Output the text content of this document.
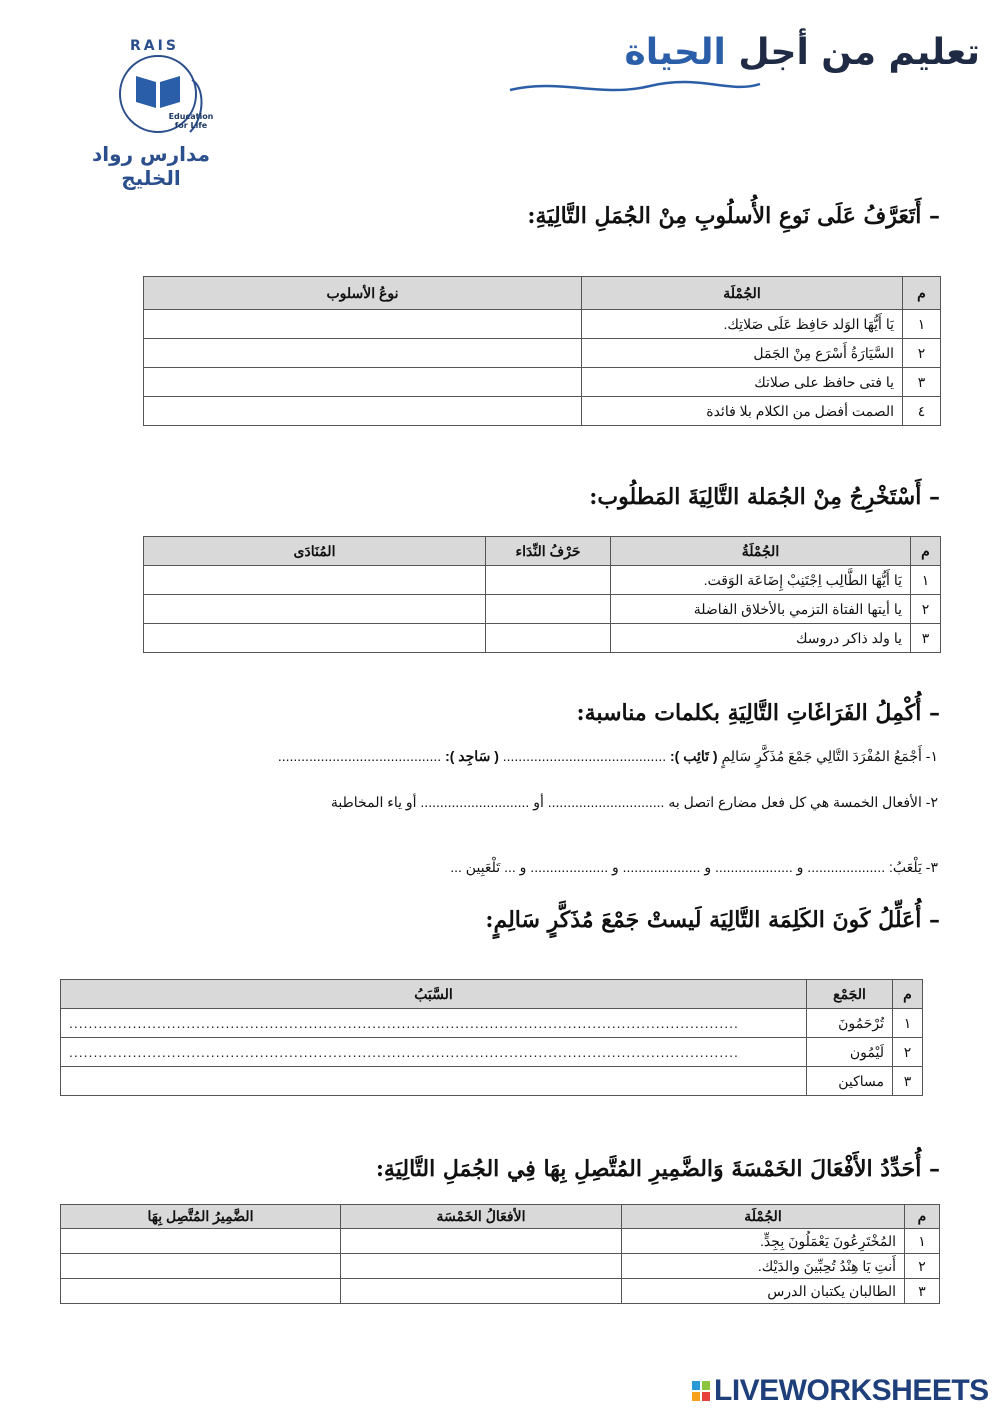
تعليم من أجل الحياة
RAIS
Education
for Life
مدارس رواد الخليج
– أَتَعَرَّفُ عَلَى نَوعِ الأُسلُوبِ مِنْ الجُمَلِ التَّالِيَةِ:
م	الجُمْلَة	نوعُ الأسلوب
١	يَا أَيُّهَا الوَلد حَافِظ عَلَى صَلاتِك.	
٢	السَّيَارَةُ أَسْرَع مِنْ الجَمَل	
٣	يا فتى حافظ على صلاتك	
٤	الصمت أفضل من الكلام بلا فائدة	
– أَسْتَخْرِجُ مِنْ الجُمَلة التَّالِيَةَ المَطلُوب:
م	الجُمْلَةُ	حَرْفُ النِّدَاء	المُنَادَى
١	يَا أَيُّهَا الطَّالِب اِجْتَنِبْ إِضَاعَة الوَقت.		
٢	يا أيتها الفتاة التزمي بالأخلاق الفاضلة		
٣	يا ولد ذاكر دروسك		
– أُكْمِلُ الفَرَاغَاتِ التَّالِيَةِ بكلمات مناسبة:
١- أَجْمَعُ المُفْرَدَ التَّالِي جَمْعَ مُذَكَّرٍ سَالِمٍ ( تَائِب ): .......................................... ( سَاجِد ): ..........................................
٢- الأفعال الخمسة هي كل فعل مضارع اتصل به .............................. أو ............................ أو ياء المخاطبة
٣- يَلْعَبُ: .................... و .................... و .................... و .................... و ... تَلْعَبِين ...
– أُعَلِّلُ كَونَ الكَلِمَة التَّالِيَة لَيستْ جَمْعَ مُذَكَّرٍ سَالِمٍ:
م	الجَمْع	السَّبَبُ
١	تُرْحَمُونَ	.........................................................................................................................................
٢	لَيْمُون	.........................................................................................................................................
٣	مساكين	
– أُحَدِّدُ الأَفْعَالَ الخَمْسَةَ وَالضَّمِيرِ المُتَّصِلِ بِهَا فِي الجُمَلِ التَّالِيَةِ:
م	الجُمْلَة	الأفعَالُ الخَمْسَة	الضَّمِيرُ المُتَّصِل بِهَا
١	المُخْتَرِعُونَ يَعْمَلُونَ بِجِدٍّ.		
٢	أَنتِ يَا هِنْدُ تُحِبِّينَ والدَيْك.		
٣	الطالبان يكتبان الدرس		
LIVEWORKSHEETS
